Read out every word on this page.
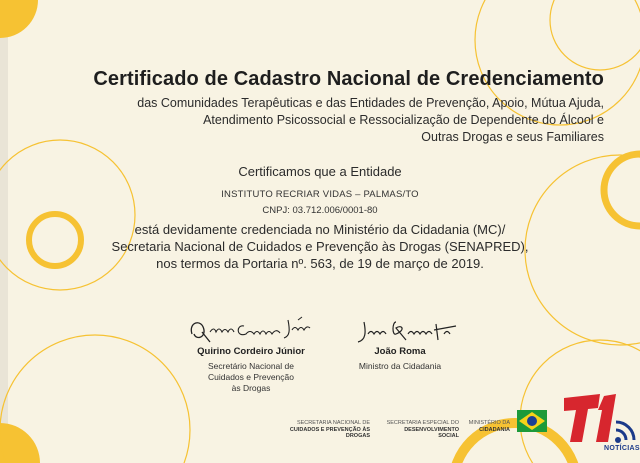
Certificado de Cadastro Nacional de Credenciamento
das Comunidades Terapêuticas e das Entidades de Prevenção, Apoio, Mútua Ajuda,
Atendimento Psicossocial e Ressocialização de Dependente do Álcool e
Outras Drogas e seus Familiares
Certificamos que a Entidade
INSTITUTO RECRIAR VIDAS – PALMAS/TO
CNPJ: 03.712.006/0001-80
está devidamente credenciada no Ministério da Cidadania (MC)/
Secretaria Nacional de Cuidados e Prevenção às Drogas (SENAPRED),
nos termos da Portaria nº. 563, de 19 de março de 2019.
Quirino Cordeiro Júnior
Secretário Nacional de
Cuidados e Prevenção
às Drogas
João Roma
Ministro da Cidadania
SECRETARIA NACIONAL DE
CUIDADOS E PREVENÇÃO ÀS DROGAS
SECRETARIA ESPECIAL DO
DESENVOLVIMENTO SOCIAL
MINISTÉRIO DA
CIDADANIA
NOTÍCIAS
